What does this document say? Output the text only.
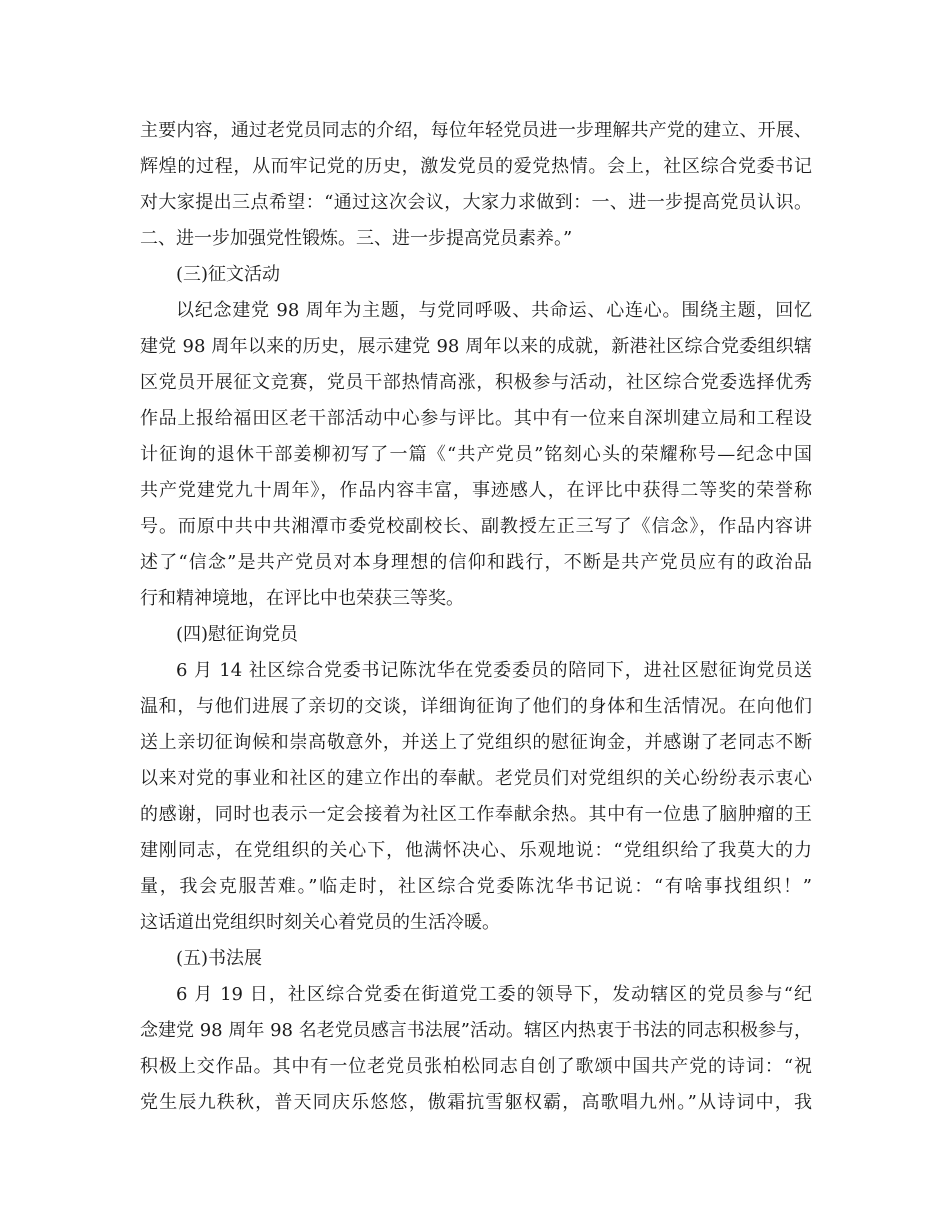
主要内容，通过老党员同志的介绍，每位年轻党员进一步理解共产党的建立、开展、
辉煌的过程，从而牢记党的历史，激发党员的爱党热情。会上，社区综合党委书记
对大家提出三点希望：“通过这次会议，大家力求做到：一、进一步提高党员认识。
二、进一步加强党性锻炼。三、进一步提高党员素养。”
(三)征文活动
以纪念建党 98 周年为主题，与党同呼吸、共命运、心连心。围绕主题，回忆
建党 98 周年以来的历史，展示建党 98 周年以来的成就，新港社区综合党委组织辖
区党员开展征文竞赛，党员干部热情高涨，积极参与活动，社区综合党委选择优秀
作品上报给福田区老干部活动中心参与评比。其中有一位来自深圳建立局和工程设
计征询的退休干部姜柳初写了一篇《“共产党员”铭刻心头的荣耀称号—纪念中国
共产党建党九十周年》，作品内容丰富，事迹感人，在评比中获得二等奖的荣誉称
号。而原中共中共湘潭市委党校副校长、副教授左正三写了《信念》，作品内容讲
述了“信念”是共产党员对本身理想的信仰和践行，不断是共产党员应有的政治品
行和精神境地，在评比中也荣获三等奖。
(四)慰征询党员
6 月 14 社区综合党委书记陈沈华在党委委员的陪同下，进社区慰征询党员送
温和，与他们进展了亲切的交谈，详细询征询了他们的身体和生活情况。在向他们
送上亲切征询候和崇高敬意外，并送上了党组织的慰征询金，并感谢了老同志不断
以来对党的事业和社区的建立作出的奉献。老党员们对党组织的关心纷纷表示衷心
的感谢，同时也表示一定会接着为社区工作奉献余热。其中有一位患了脑肿瘤的王
建刚同志，在党组织的关心下，他满怀决心、乐观地说：“党组织给了我莫大的力
量，我会克服苦难。”临走时，社区综合党委陈沈华书记说：“有啥事找组织！”
这话道出党组织时刻关心着党员的生活冷暖。
(五)书法展
6 月 19 日，社区综合党委在街道党工委的领导下，发动辖区的党员参与“纪
念建党 98 周年 98 名老党员感言书法展”活动。辖区内热衷于书法的同志积极参与，
积极上交作品。其中有一位老党员张柏松同志自创了歌颂中国共产党的诗词：“祝
党生辰九秩秋，普天同庆乐悠悠，傲霜抗雪躯权霸，高歌唱九州。”从诗词中，我
